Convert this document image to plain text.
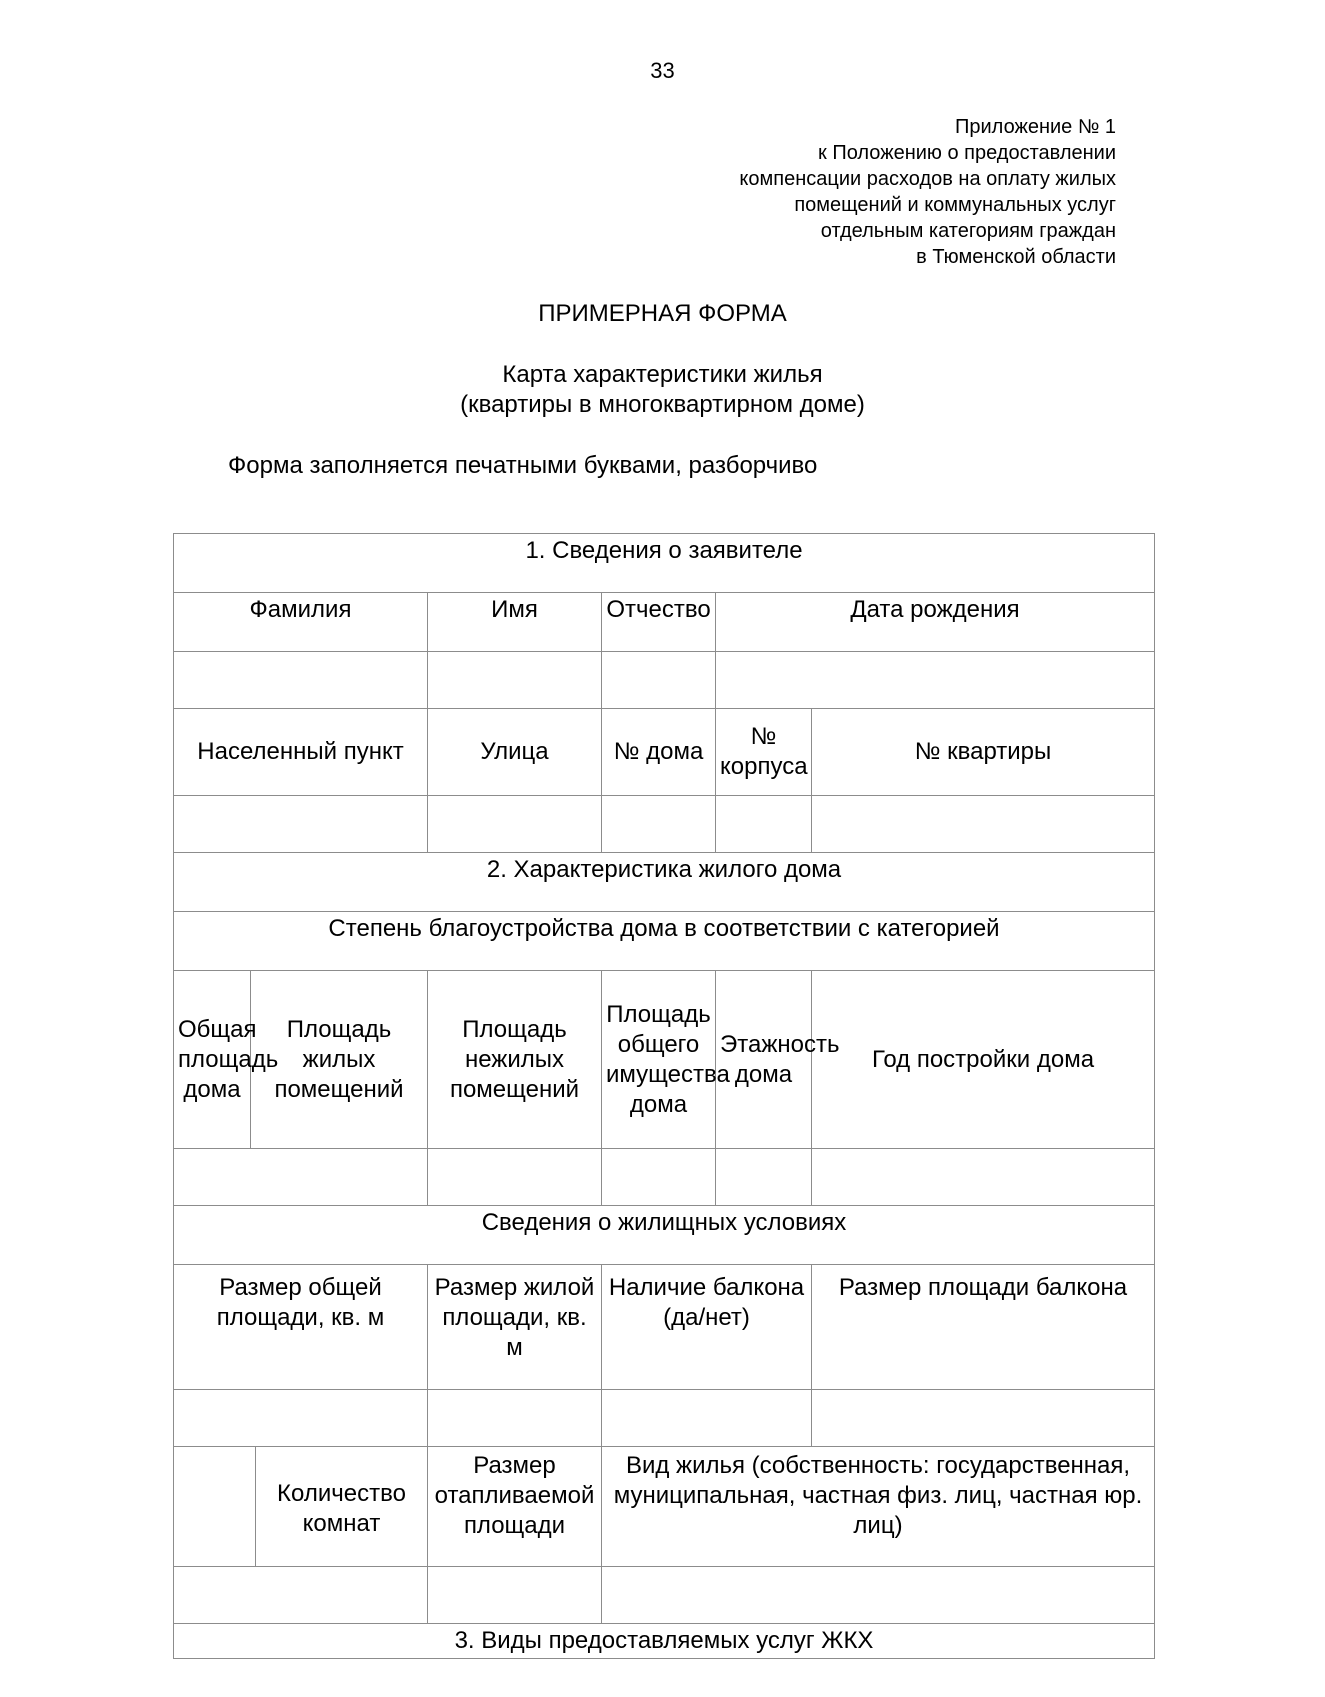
33
Приложение № 1
к Положению о предоставлении
компенсации расходов на оплату жилых
помещений и коммунальных услуг
отдельным категориям граждан
в Тюменской области
ПРИМЕРНАЯ ФОРМА
Карта характеристики жилья
(квартиры в многоквартирном доме)
Форма заполняется печатными буквами, разборчиво
1. Сведения о заявителе						
Фамилия			Имя	Отчество	Дата рождения	

Населенный пункт			Улица	№ дома	№ корпуса	№ квартиры

2. Характеристика жилого дома						
Степень благоустройства дома в соответствии с категорией						
Общая площадь дома	Площадь жилых помещений		Площадь нежилых помещений	Площадь общего имущества дома	Этажность дома	Год постройки дома

Сведения о жилищных условиях						
Размер общей площади, кв. м			Размер жилой площади, кв. м	Наличие балкона (да/нет)		Размер площади балкона

		Количество комнат	Размер отапливаемой площади	Вид жилья (собственность: государственная, муниципальная, частная физ. лиц, частная юр. лиц)		

3. Виды предоставляемых услуг ЖКХ						
